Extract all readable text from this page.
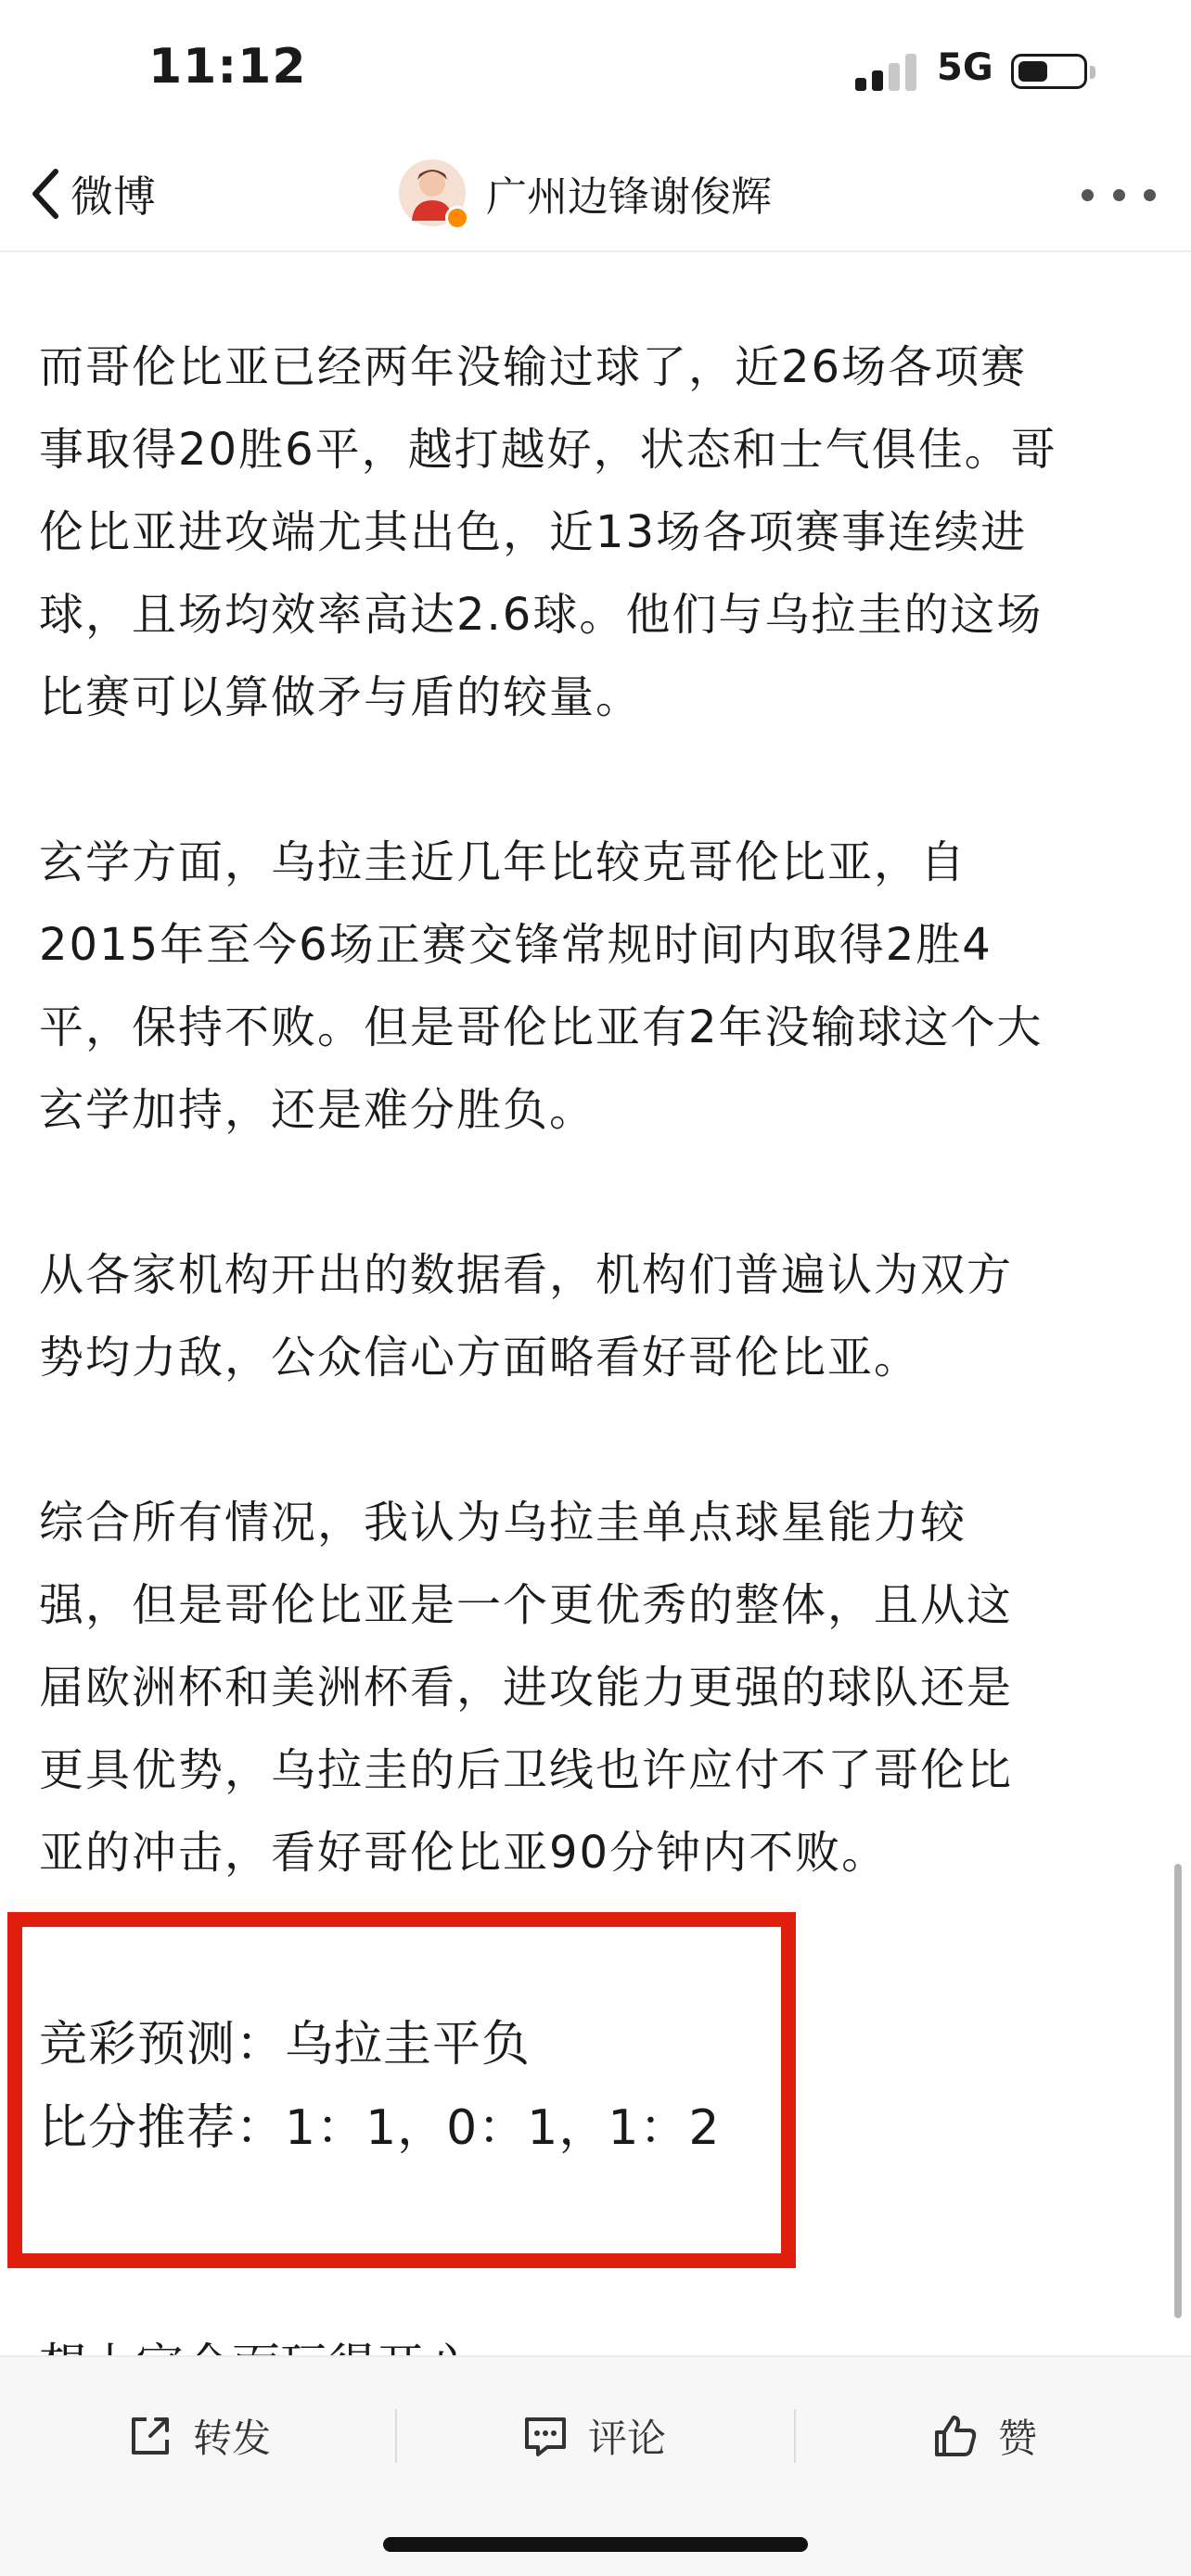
11:12	5G
微博	广州边锋谢俊辉

而哥伦比亚已经两年没输过球了，近26场各项赛

事取得20胜6平，越打越好，状态和士气俱佳。哥

伦比亚进攻端尤其出色，近13场各项赛事连续进

球，且场均效率高达2.6球。他们与乌拉圭的这场

比赛可以算做矛与盾的较量。

玄学方面，乌拉圭近几年比较克哥伦比亚，自

2015年至今6场正赛交锋常规时间内取得2胜4

平，保持不败。但是哥伦比亚有2年没输球这个大

玄学加持，还是难分胜负。

从各家机构开出的数据看，机构们普遍认为双方

势均力敌，公众信心方面略看好哥伦比亚。

综合所有情况，我认为乌拉圭单点球星能力较

强，但是哥伦比亚是一个更优秀的整体，且从这

届欧洲杯和美洲杯看，进攻能力更强的球队还是

更具优势，乌拉圭的后卫线也许应付不了哥伦比

亚的冲击，看好哥伦比亚90分钟内不败。

竞彩预测：乌拉圭平负
比分推荐：1：1，0：1，1：2
转发	评论	赞
